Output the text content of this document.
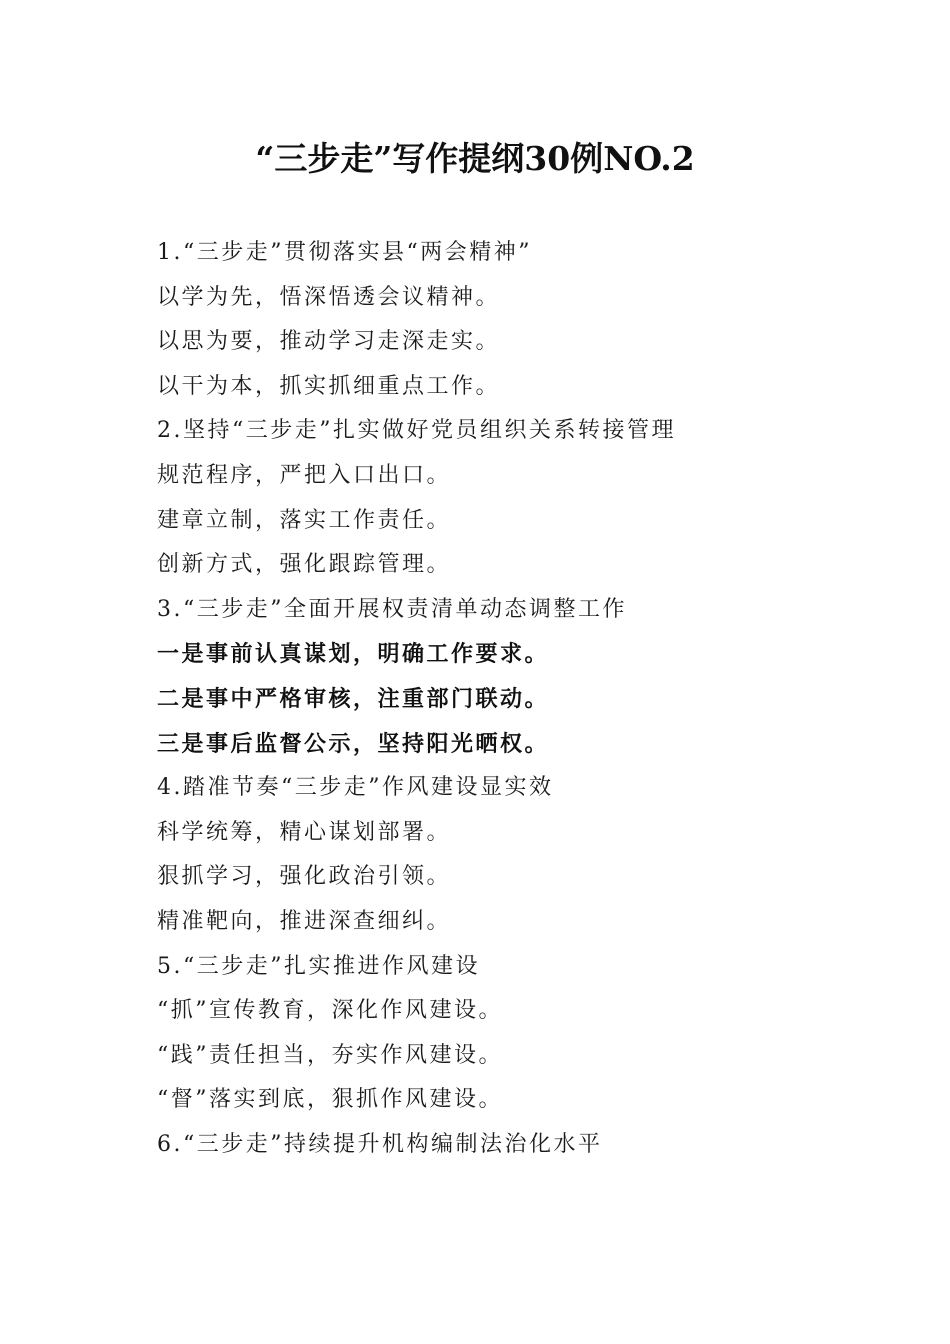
“三步走”写作提纲30例NO.2
1.“三步走”贯彻落实县“两会精神”
以学为先，悟深悟透会议精神。
以思为要，推动学习走深走实。
以干为本，抓实抓细重点工作。
2.坚持“三步走”扎实做好党员组织关系转接管理
规范程序，严把入口出口。
建章立制，落实工作责任。
创新方式，强化跟踪管理。
3.“三步走”全面开展权责清单动态调整工作
一是事前认真谋划，明确工作要求。
二是事中严格审核，注重部门联动。
三是事后监督公示，坚持阳光晒权。
4.踏准节奏“三步走”作风建设显实效
科学统筹，精心谋划部署。
狠抓学习，强化政治引领。
精准靶向，推进深查细纠。
5.“三步走”扎实推进作风建设
“抓”宣传教育，深化作风建设。
“践”责任担当，夯实作风建设。
“督”落实到底，狠抓作风建设。
6.“三步走”持续提升机构编制法治化水平
